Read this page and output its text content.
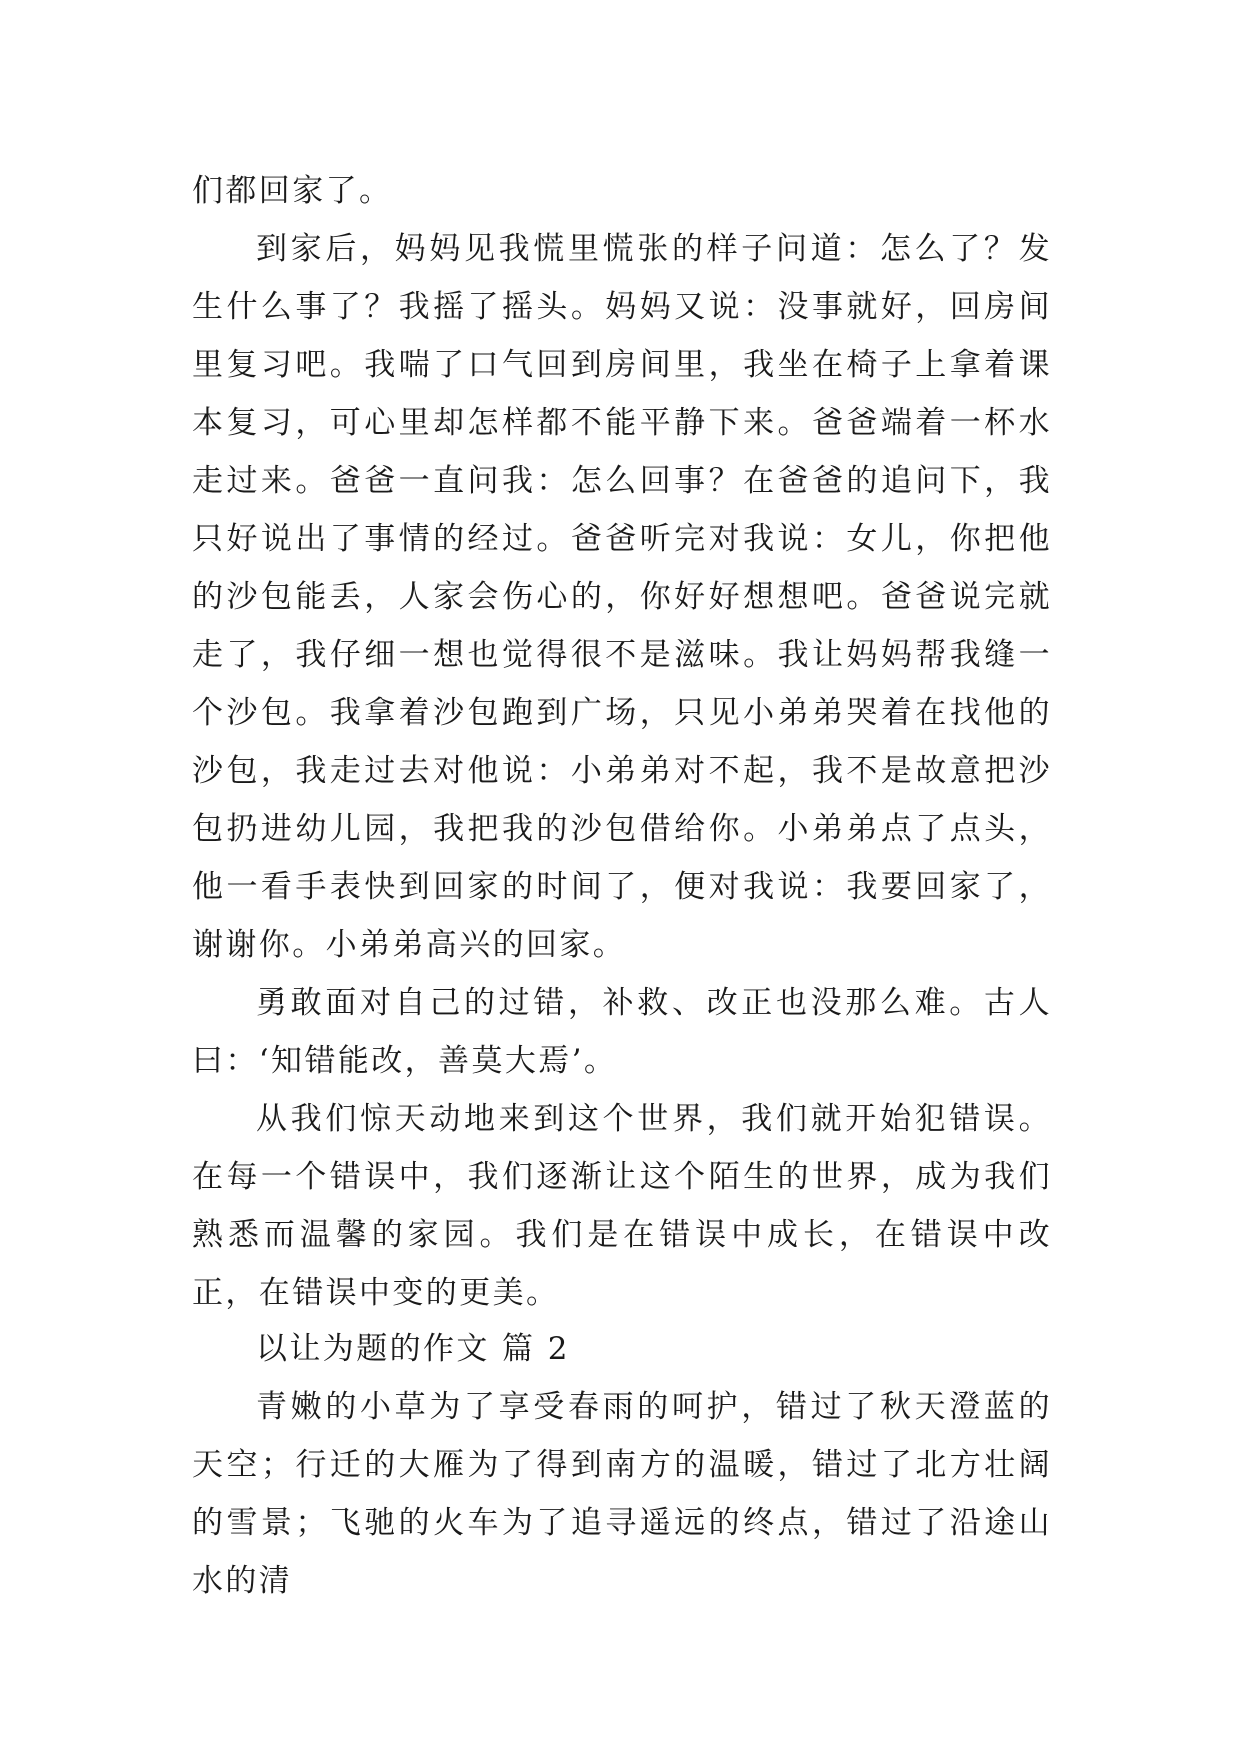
们都回家了。

到家后，妈妈见我慌里慌张的样子问道：怎么了？发生什么事了？我摇了摇头。妈妈又说：没事就好，回房间里复习吧。我喘了口气回到房间里，我坐在椅子上拿着课本复习，可心里却怎样都不能平静下来。爸爸端着一杯水走过来。爸爸一直问我：怎么回事？在爸爸的追问下，我只好说出了事情的经过。爸爸听完对我说：女儿，你把他的沙包能丢，人家会伤心的，你好好想想吧。爸爸说完就走了，我仔细一想也觉得很不是滋味。我让妈妈帮我缝一个沙包。我拿着沙包跑到广场，只见小弟弟哭着在找他的沙包，我走过去对他说：小弟弟对不起，我不是故意把沙包扔进幼儿园，我把我的沙包借给你。小弟弟点了点头，他一看手表快到回家的时间了，便对我说：我要回家了，谢谢你。小弟弟高兴的回家。

勇敢面对自己的过错，补救、改正也没那么难。古人曰：‘知错能改，善莫大焉’。

从我们惊天动地来到这个世界，我们就开始犯错误。在每一个错误中，我们逐渐让这个陌生的世界，成为我们熟悉而温馨的家园。我们是在错误中成长，在错误中改正，在错误中变的更美。

以让为题的作文 篇 2

青嫩的小草为了享受春雨的呵护，错过了秋天澄蓝的天空；行迁的大雁为了得到南方的温暖，错过了北方壮阔的雪景；飞驰的火车为了追寻遥远的终点，错过了沿途山水的清
